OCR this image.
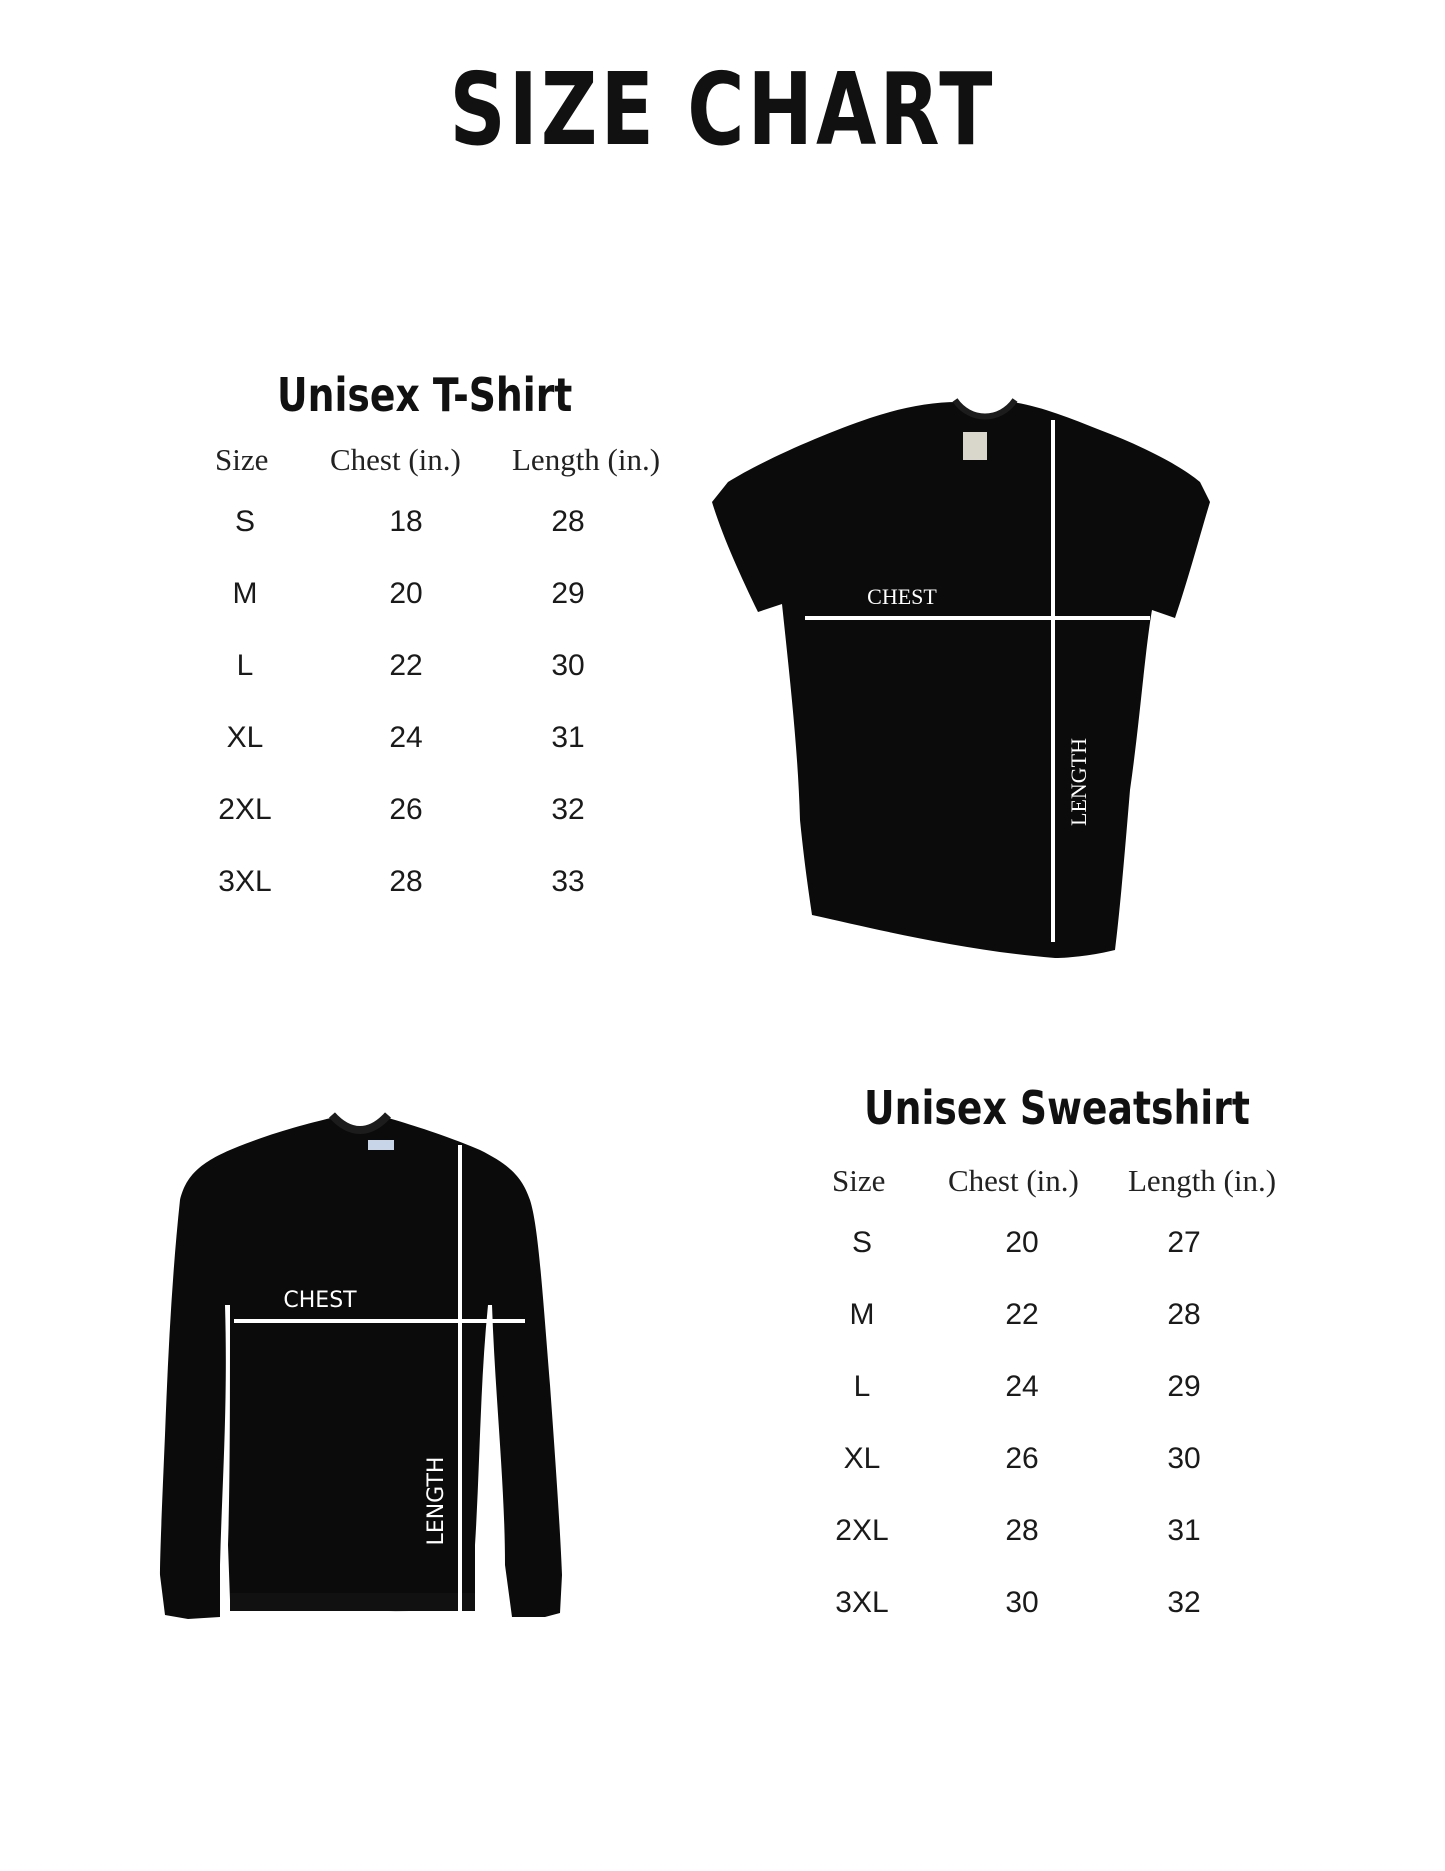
SIZE CHART
Unisex T-Shirt
Size Chest (in.) Length (in.)
S	18	28
M	20	29
L	22	30
XL	24	31
2XL	26	32
3XL	28	33
CHEST
LENGTH
CHEST
LENGTH
Unisex Sweatshirt
Size Chest (in.) Length (in.)
S	20	27
M	22	28
L	24	29
XL	26	30
2XL	28	31
3XL	30	32
